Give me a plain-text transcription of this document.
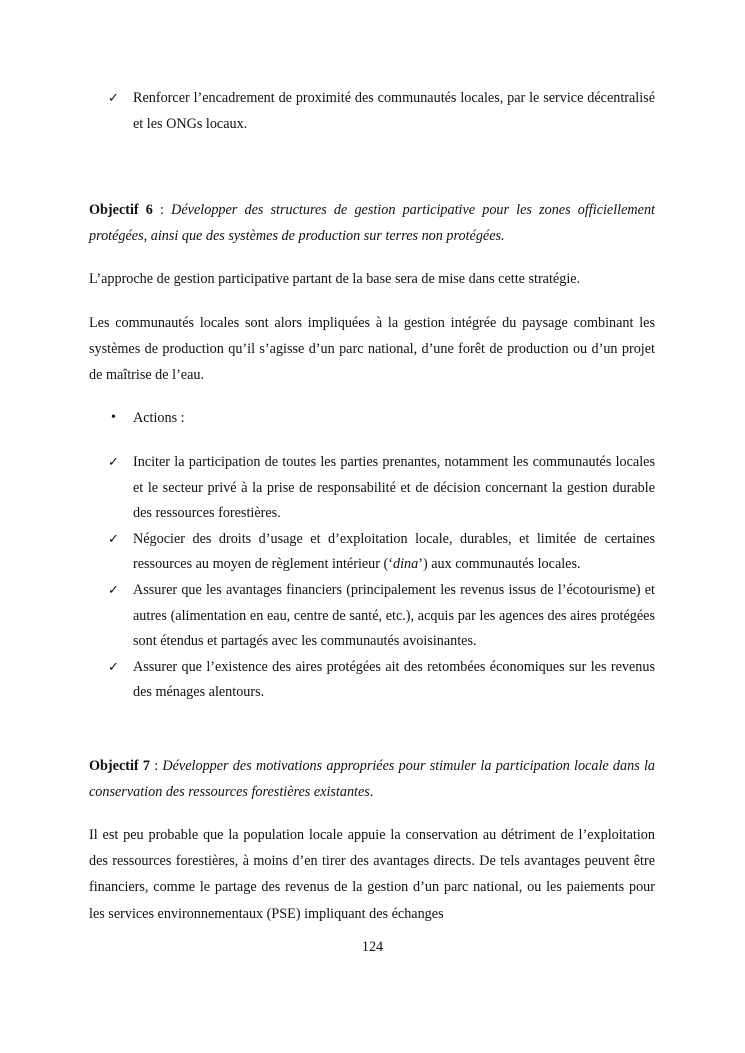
✓ Renforcer l’encadrement de proximité des communautés locales, par le service décentralisé et les ONGs locaux.
Objectif 6 : Développer des structures de gestion participative pour les zones officiellement protégées, ainsi que des systèmes de production sur terres non protégées.
L’approche de gestion participative partant de la base sera de mise dans cette stratégie.
Les communautés locales sont alors impliquées à la gestion intégrée du paysage combinant les systèmes de production qu’il s’agisse d’un parc national, d’une forêt de production ou d’un projet de maîtrise de l’eau.
• Actions :
✓ Inciter la participation de toutes les parties prenantes, notamment les communautés locales et le secteur privé à la prise de responsabilité et de décision concernant la gestion durable des ressources forestières.
✓ Négocier des droits d’usage et d’exploitation locale, durables, et limitée de certaines ressources au moyen de règlement intérieur (‘dina’) aux communautés locales.
✓ Assurer que les avantages financiers (principalement les revenus issus de l’écotourisme) et autres (alimentation en eau, centre de santé, etc.), acquis par les agences des aires protégées sont étendus et partagés avec les communautés avoisinantes.
✓ Assurer que l’existence des aires protégées ait des retombées économiques sur les revenus des ménages alentours.
Objectif 7 : Développer des motivations appropriées pour stimuler la participation locale dans la conservation des ressources forestières existantes.
Il est peu probable que la population locale appuie la conservation au détriment de l’exploitation des ressources forestières, à moins d’en tirer des avantages directs. De tels avantages peuvent être financiers, comme le partage des revenus de la gestion d’un parc national, ou les paiements pour les services environnementaux (PSE) impliquant des échanges
124
